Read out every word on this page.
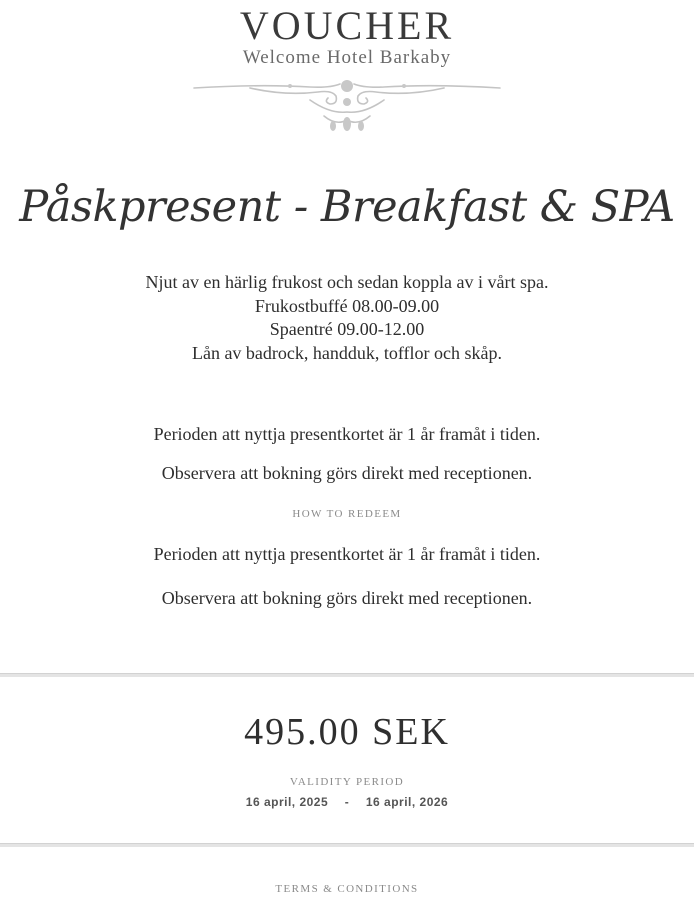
VOUCHER
Welcome Hotel Barkaby
Påskpresent - Breakfast & SPA
Njut av en härlig frukost och sedan koppla av i vårt spa.
Frukostbuffé 08.00-09.00
Spaentré 09.00-12.00
Lån av badrock, handduk, tofflor och skåp.
Perioden att nyttja presentkortet är 1 år framåt i tiden.
Observera att bokning görs direkt med receptionen.
HOW TO REDEEM
Perioden att nyttja presentkortet är 1 år framåt i tiden.
Observera att bokning görs direkt med receptionen.
495.00 SEK
VALIDITY PERIOD
16 april, 2025 - 16 april, 2026
TERMS & CONDITIONS
